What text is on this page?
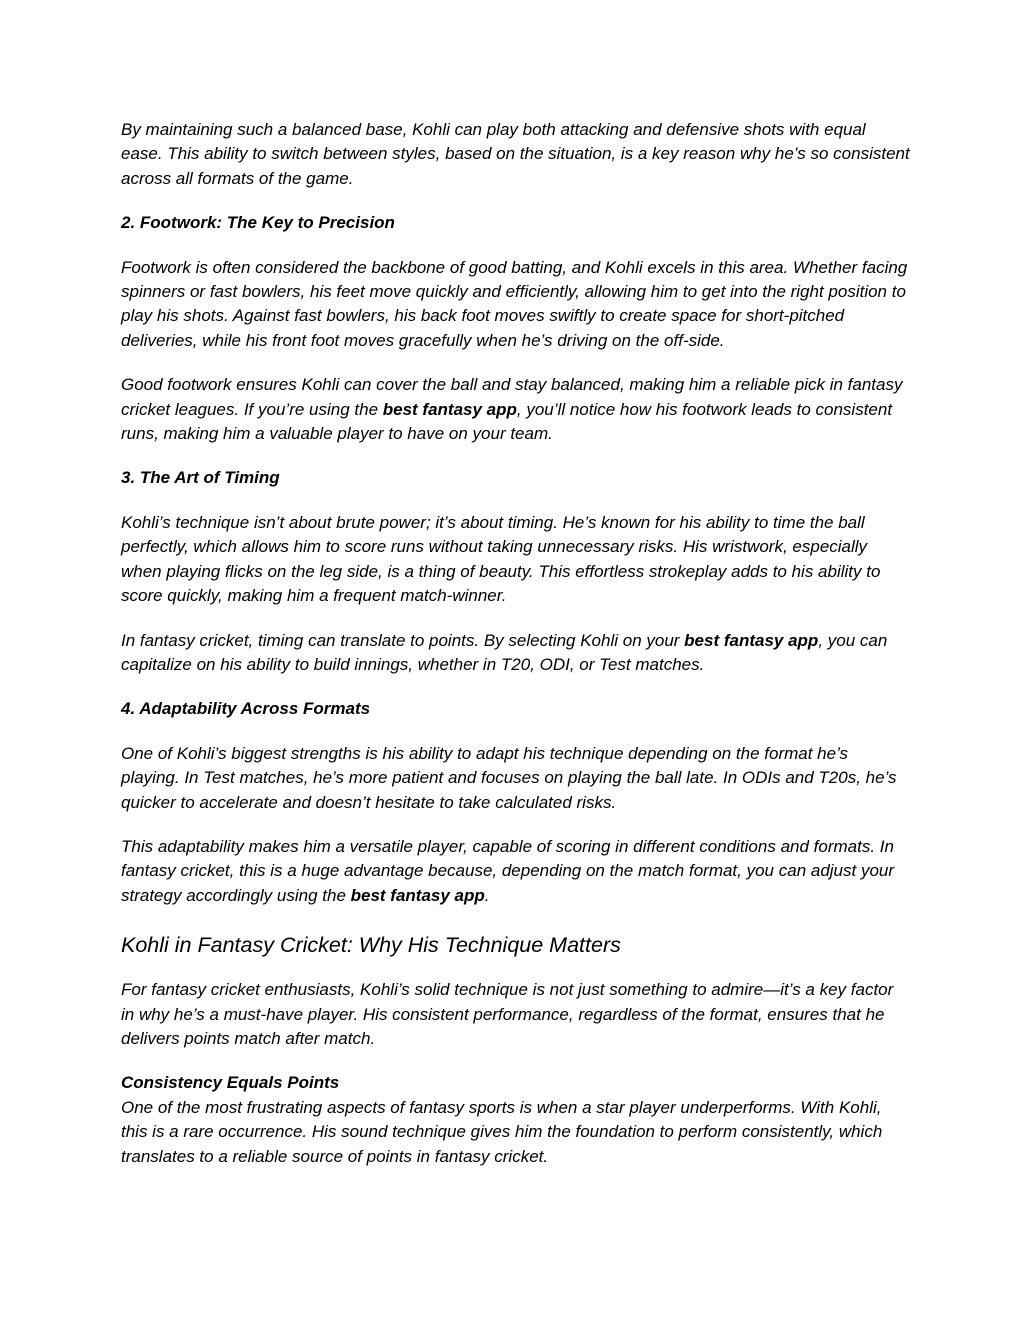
By maintaining such a balanced base, Kohli can play both attacking and defensive shots with equal ease. This ability to switch between styles, based on the situation, is a key reason why he’s so consistent across all formats of the game.

2. Footwork: The Key to Precision

Footwork is often considered the backbone of good batting, and Kohli excels in this area. Whether facing spinners or fast bowlers, his feet move quickly and efficiently, allowing him to get into the right position to play his shots. Against fast bowlers, his back foot moves swiftly to create space for short-pitched deliveries, while his front foot moves gracefully when he’s driving on the off-side.

Good footwork ensures Kohli can cover the ball and stay balanced, making him a reliable pick in fantasy cricket leagues. If you’re using the best fantasy app, you’ll notice how his footwork leads to consistent runs, making him a valuable player to have on your team.

3. The Art of Timing

Kohli’s technique isn’t about brute power; it’s about timing. He’s known for his ability to time the ball perfectly, which allows him to score runs without taking unnecessary risks. His wristwork, especially when playing flicks on the leg side, is a thing of beauty. This effortless strokeplay adds to his ability to score quickly, making him a frequent match-winner.

In fantasy cricket, timing can translate to points. By selecting Kohli on your best fantasy app, you can capitalize on his ability to build innings, whether in T20, ODI, or Test matches.

4. Adaptability Across Formats

One of Kohli’s biggest strengths is his ability to adapt his technique depending on the format he’s playing. In Test matches, he’s more patient and focuses on playing the ball late. In ODIs and T20s, he’s quicker to accelerate and doesn’t hesitate to take calculated risks.

This adaptability makes him a versatile player, capable of scoring in different conditions and formats. In fantasy cricket, this is a huge advantage because, depending on the match format, you can adjust your strategy accordingly using the best fantasy app.

Kohli in Fantasy Cricket: Why His Technique Matters

For fantasy cricket enthusiasts, Kohli’s solid technique is not just something to admire—it’s a key factor in why he’s a must-have player. His consistent performance, regardless of the format, ensures that he delivers points match after match.

Consistency Equals Points

One of the most frustrating aspects of fantasy sports is when a star player underperforms. With Kohli, this is a rare occurrence. His sound technique gives him the foundation to perform consistently, which translates to a reliable source of points in fantasy cricket.
